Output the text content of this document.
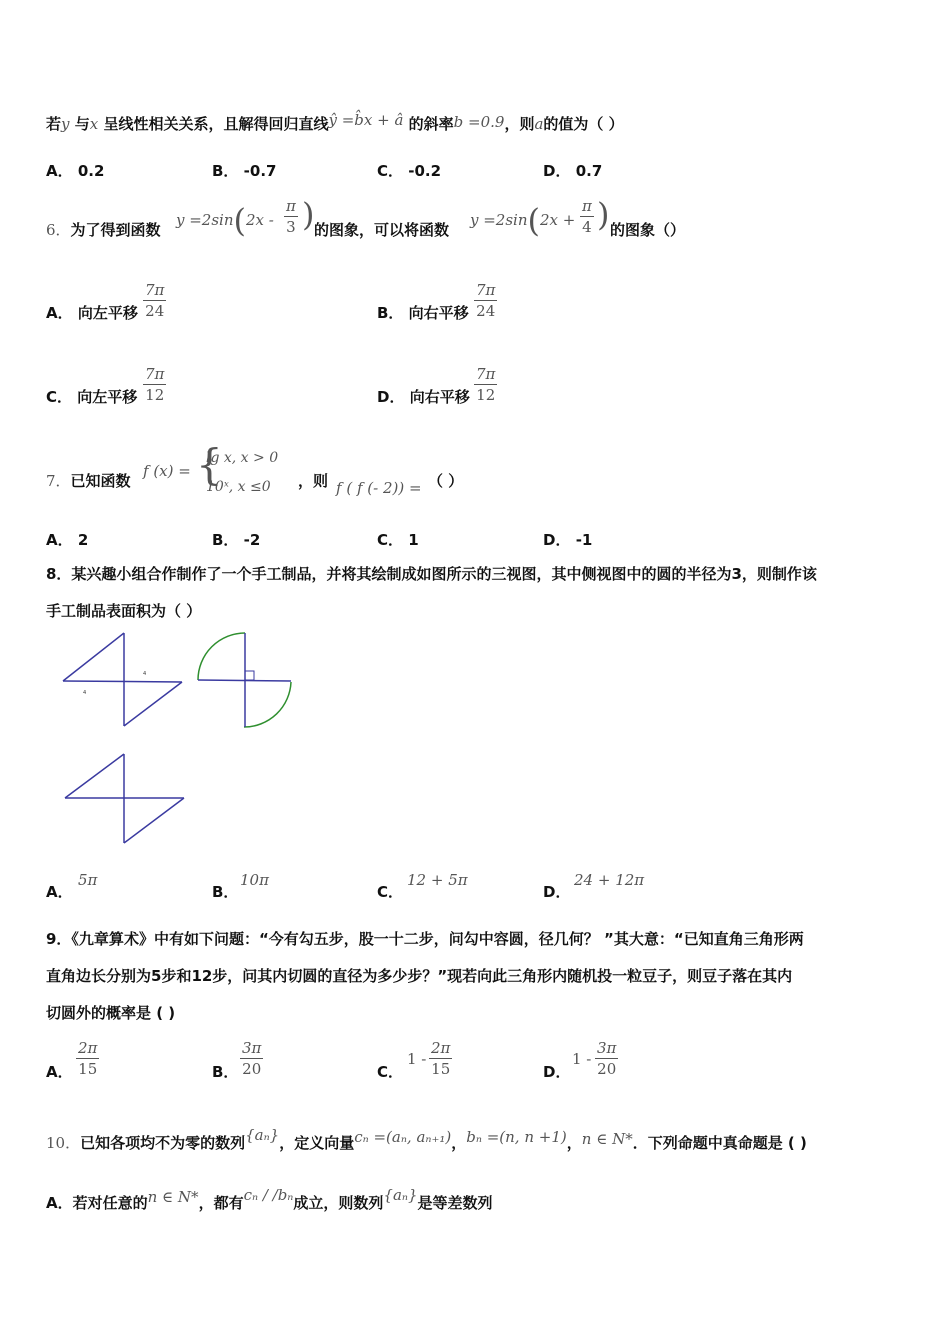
若y 与x 呈线性相关关系，且解得回归直线ŷ =b̂x + â 的斜率b =0.9，则a的值为（ ）
A． 0.2	B． -0.7	C． -0.2	D． 0.7
6．为了得到函数
$y =2\sin(2x - \frac{\pi}{3}$ ) 的图象，可以将函数
$y =2\sin(2x + \frac{\pi}{4}$ ) 的图象（）
A． 向左平移 $\frac{7\pi}{24}$	B． 向右平移 $\frac{7\pi}{24}$
C． 向左平移 $\frac{7\pi}{12}$	D． 向右平移 $\frac{7\pi}{12}$
7．已知函数
f (x) = {
lg x, x > 0
10ˣ, x ≤0 ，则 f ( f (- 2)) = （ ）
A． 2	B． -2	C． 1	D． -1
8．某兴趣小组合作制作了一个手工制品，并将其绘制成如图所示的三视图，其中侧视图中的圆的半径为3，则制作该
手工制品表面积为（ ）
4
4
A．
5π
B．
10π
C．
12 + 5π
D．
24 + 12π
9．《九章算术》中有如下问题：“今有勾五步，股一十二步，问勾中容圆，径几何？ ”其大意：“已知直角三角形两
直角边长分别为5步和12步，问其内切圆的直径为多少步？”现若向此三角形内随机投一粒豆子，则豆子落在其内
切圆外的概率是 ( )
A． $\frac{2\pi}{15}$	B． $\frac{3\pi}{20}$	C．
$1 - \frac{2\pi}{15}$	D．
$1 - \frac{3\pi}{20}$
10．已知各项均不为零的数列{aₙ}，定义向量cₙ =(aₙ, aₙ₊₁)，bₙ =(n, n +1)，n ∈ N*．下列命题中真命题是 ( )
A．若对任意的n ∈ N*，都有cₙ / /bₙ成立，则数列{aₙ}是等差数列
